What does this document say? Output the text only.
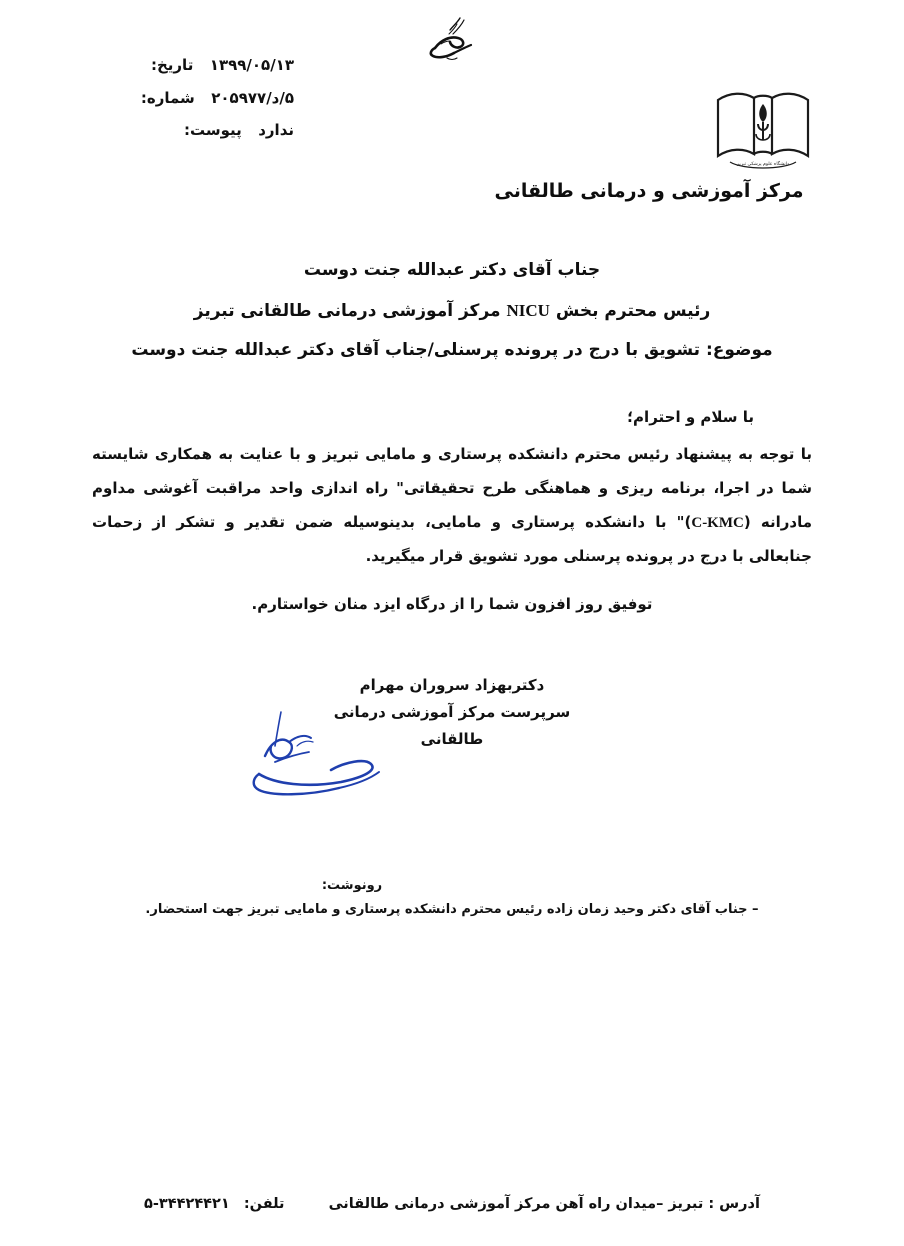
۱۳۹۹/۰۵/۱۳  تاریخ:
۵/د/۲۰۵۹۷۷  شماره:
ندارد  پیوست:
دانشگاه علوم پزشکی تبریز
مرکز آموزشی و درمانی طالقانی
جناب آقای دکتر عبدالله جنت دوست
رئیس محترم بخش NICU مرکز آموزشی درمانی طالقانی تبریز
موضوع: تشویق با درج در پرونده پرسنلی/جناب آقای دکتر عبدالله جنت دوست
با سلام و احترام؛

با توجه به پیشنهاد رئیس محترم دانشکده پرستاری و مامایی تبریز و با عنایت به همکاری شایسته شما در اجرا، برنامه ریزی و هماهنگی طرح تحقیقاتی" راه اندازی واحد مراقبت آغوشی مداوم مادرانه (C-KMC)" با دانشکده پرستاری و مامایی، بدینوسیله ضمن تقدیر و تشکر از زحمات جنابعالی با درج در پرونده پرسنلی مورد تشویق قرار میگیرید.

توفیق روز افزون شما را از درگاه ایزد منان خواستارم.

دکتربهزاد سروران مهرام
سرپرست مرکز آموزشی درمانی
طالقانی
رونوشت:
– جناب آقای دکتر وحید زمان زاده رئیس محترم دانشکده پرستاری و مامایی تبریز جهت استحضار.
آدرس : تبریز –میدان راه آهن مرکز آموزشی درمانی طالقانی  تلفن:  ۳۴۴۲۴۴۲۱-۵
